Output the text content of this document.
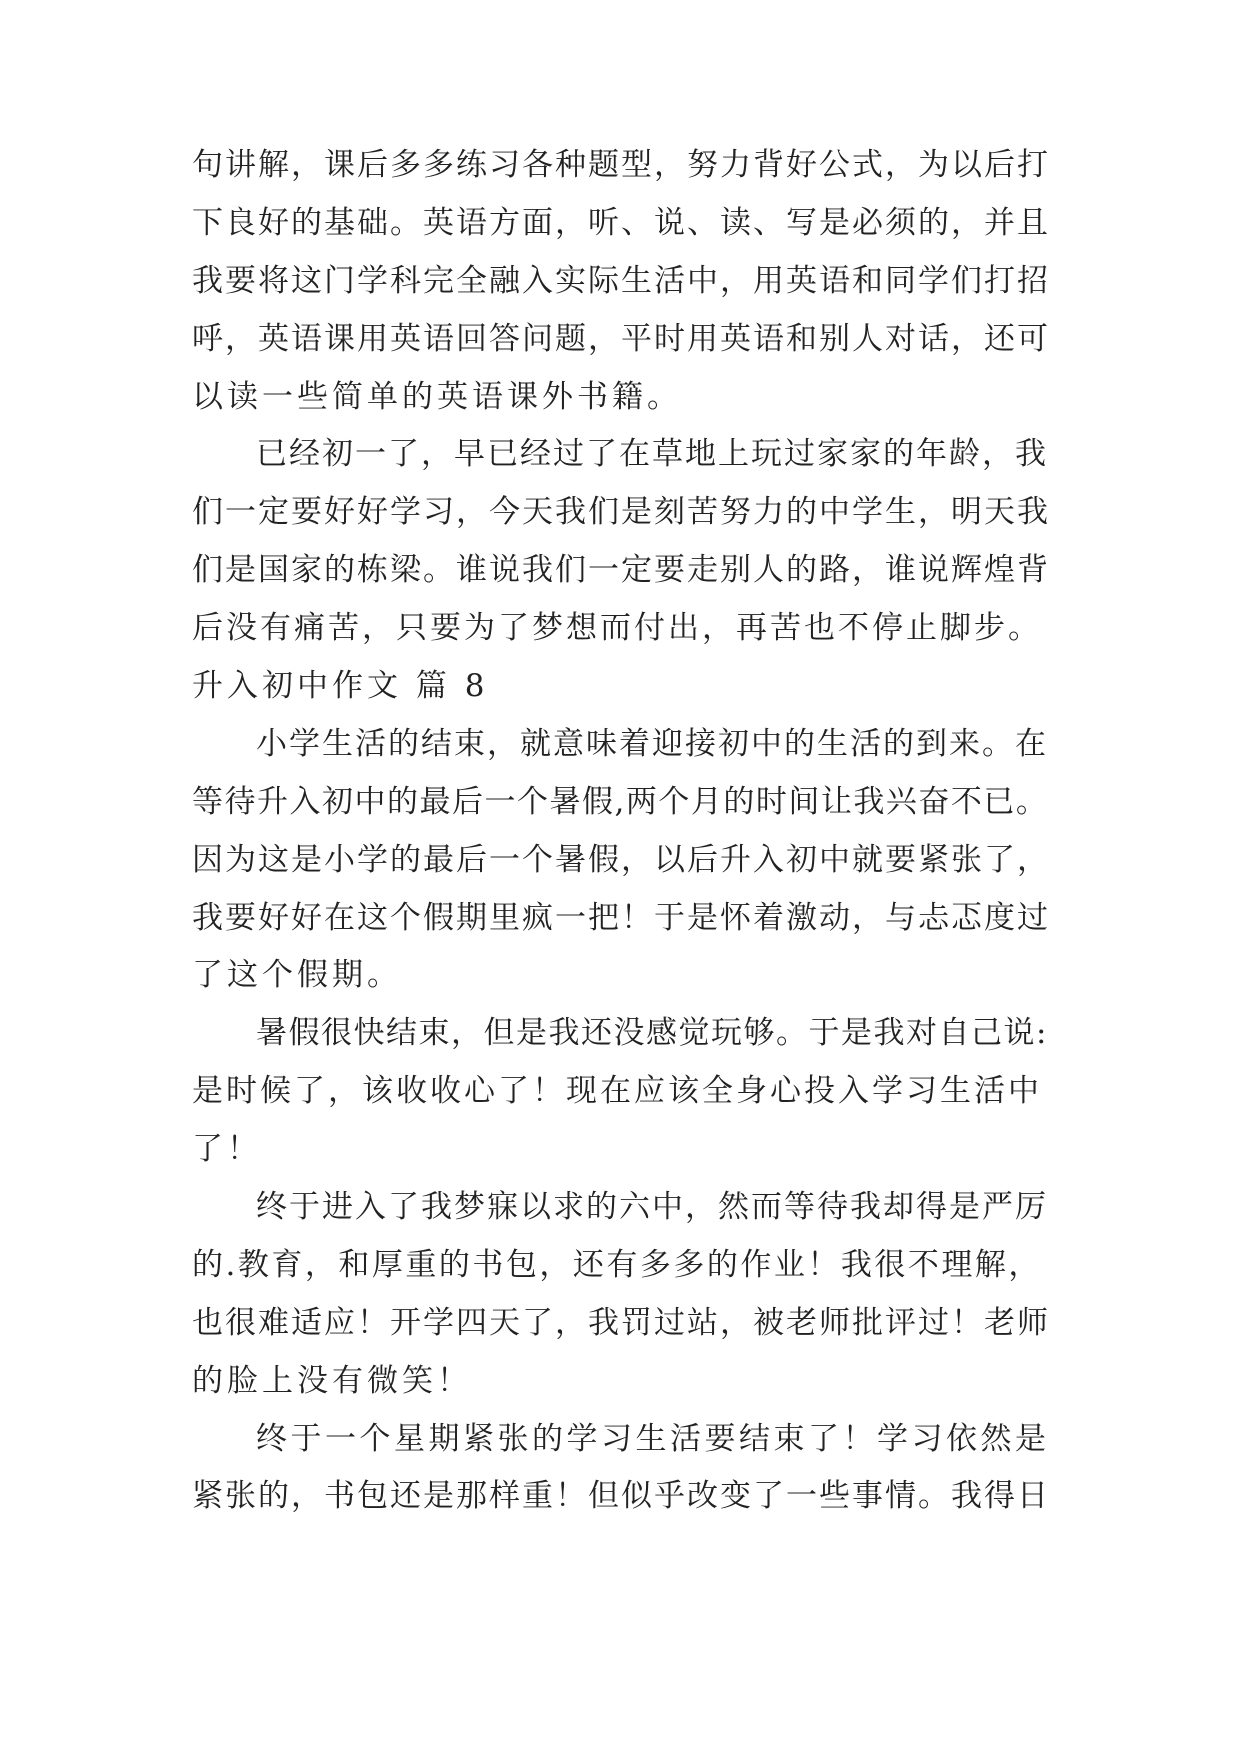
句讲解，课后多多练习各种题型，努力背好公式，为以后打
下良好的基础。英语方面，听、说、读、写是必须的，并且
我要将这门学科完全融入实际生活中，用英语和同学们打招
呼，英语课用英语回答问题，平时用英语和别人对话，还可
以读一些简单的英语课外书籍。
已经初一了，早已经过了在草地上玩过家家的年龄，我
们一定要好好学习，今天我们是刻苦努力的中学生，明天我
们是国家的栋梁。谁说我们一定要走别人的路，谁说辉煌背
后没有痛苦，只要为了梦想而付出，再苦也不停止脚步。
升入初中作文 篇 8
小学生活的结束，就意味着迎接初中的生活的到来。在
等待升入初中的最后一个暑假,两个月的时间让我兴奋不已。
因为这是小学的最后一个暑假，以后升入初中就要紧张了，
我要好好在这个假期里疯一把！于是怀着激动，与忐忑度过
了这个假期。
暑假很快结束，但是我还没感觉玩够。于是我对自己说:
是时候了，该收收心了！现在应该全身心投入学习生活中
了！
终于进入了我梦寐以求的六中，然而等待我却得是严厉
的.教育，和厚重的书包，还有多多的作业！我很不理解，
也很难适应！开学四天了，我罚过站，被老师批评过！老师
的脸上没有微笑！
终于一个星期紧张的学习生活要结束了！学习依然是
紧张的，书包还是那样重！但似乎改变了一些事情。我得日
